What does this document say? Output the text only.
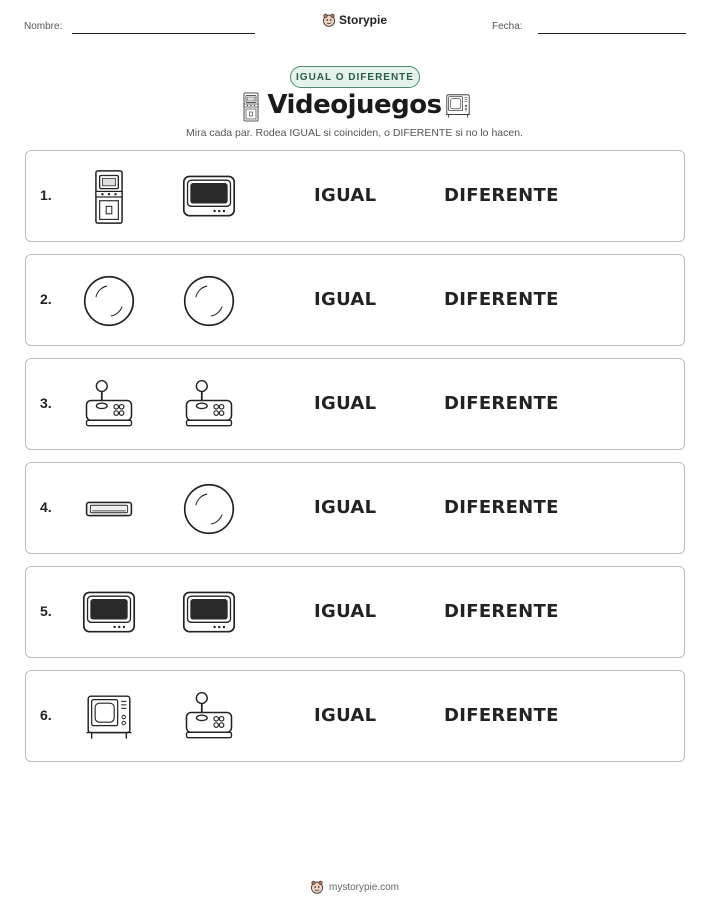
Nombre:	Storypie	Fecha:
IGUAL O DIFERENTE
Videojuegos
Mira cada par. Rodea IGUAL si coinciden, o DIFERENTE si no lo hacen.
1.	IGUAL	DIFERENTE
2.	IGUAL	DIFERENTE
3.	IGUAL	DIFERENTE
4.	IGUAL	DIFERENTE
5.	IGUAL	DIFERENTE
6.	IGUAL	DIFERENTE
mystorypie.com
